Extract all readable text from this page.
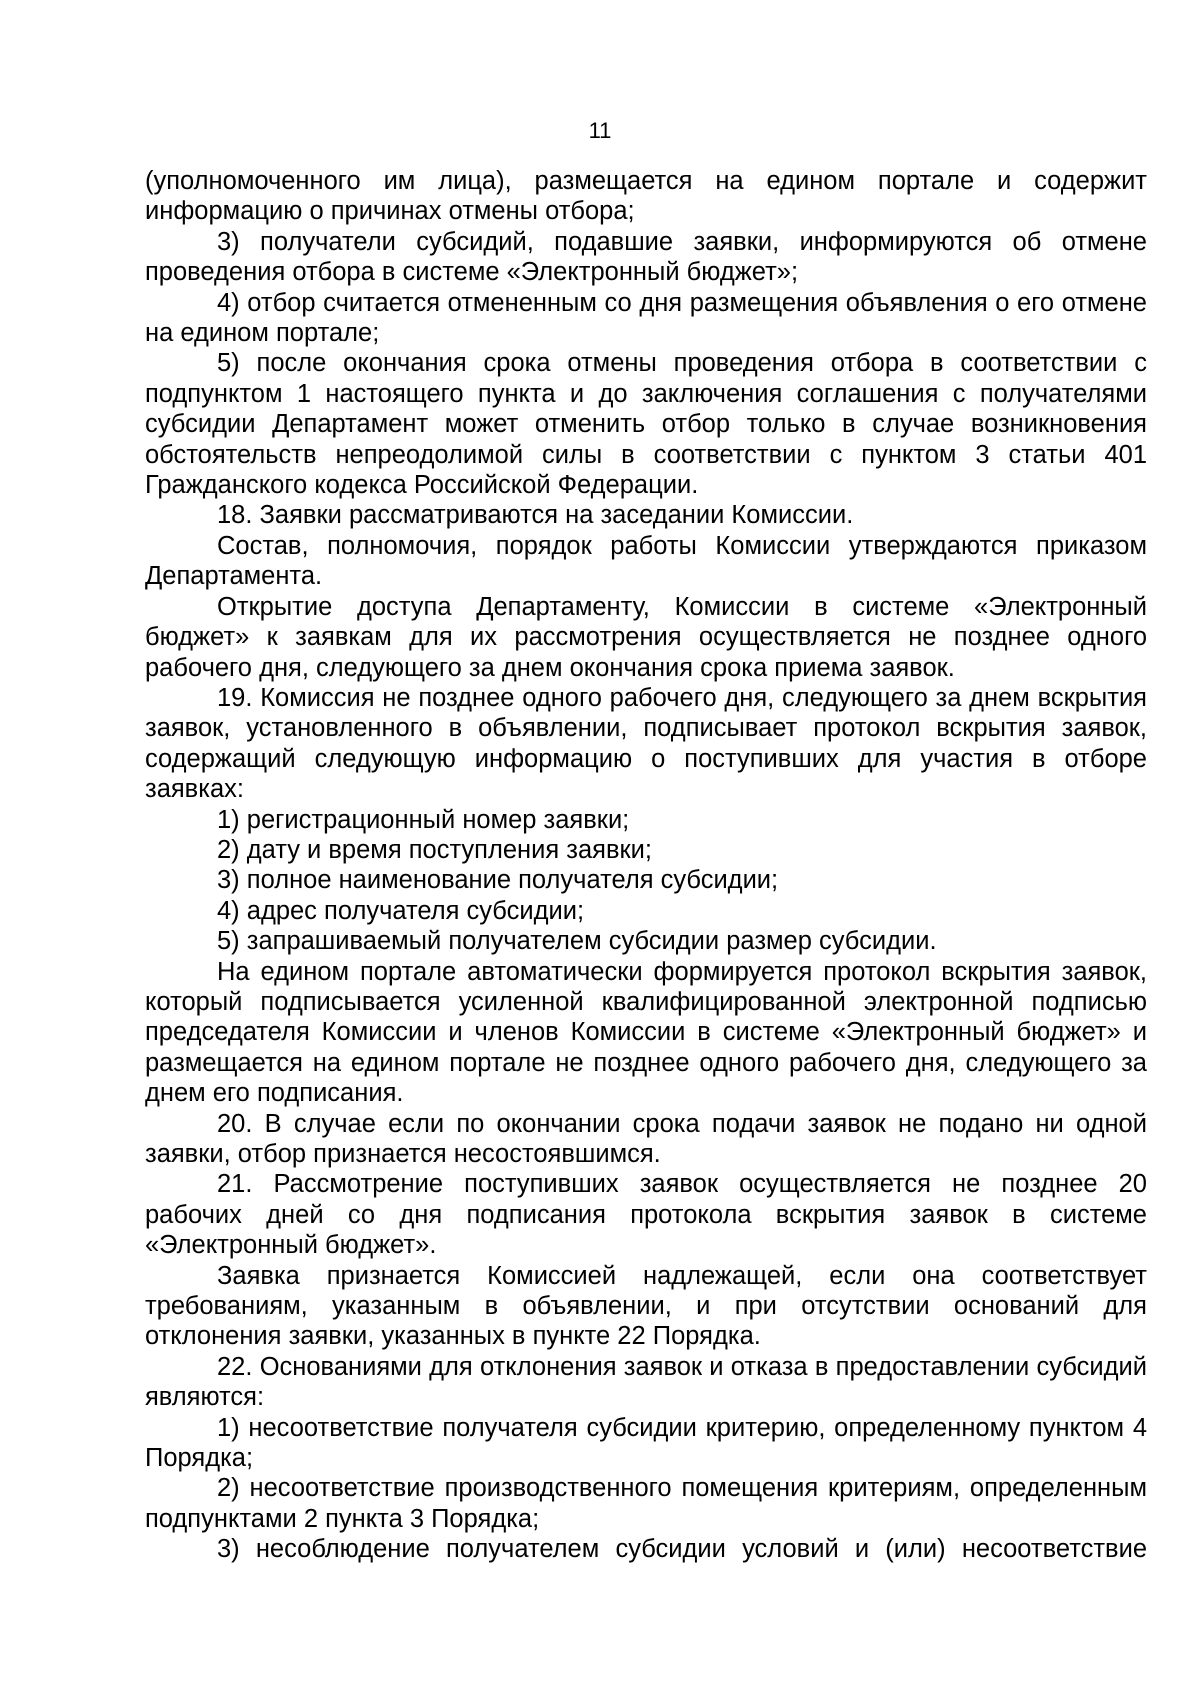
11

(уполномоченного им лица), размещается на едином портале и содержит информацию о причинах отмены отбора;

3) получатели субсидий, подавшие заявки, информируются об отмене проведения отбора в системе «Электронный бюджет»;

4) отбор считается отмененным со дня размещения объявления о его отмене на едином портале;

5) после окончания срока отмены проведения отбора в соответствии с подпунктом 1 настоящего пункта и до заключения соглашения с получателями субсидии Департамент может отменить отбор только в случае возникновения обстоятельств непреодолимой силы в соответствии с пунктом 3 статьи 401 Гражданского кодекса Российской Федерации.

18. Заявки рассматриваются на заседании Комиссии.

Состав, полномочия, порядок работы Комиссии утверждаются приказом Департамента.

Открытие доступа Департаменту, Комиссии в системе «Электронный бюджет» к заявкам для их рассмотрения осуществляется не позднее одного рабочего дня, следующего за днем окончания срока приема заявок.

19. Комиссия не позднее одного рабочего дня, следующего за днем вскрытия заявок, установленного в объявлении, подписывает протокол вскрытия заявок, содержащий следующую информацию о поступивших для участия в отборе заявках:

1) регистрационный номер заявки;

2) дату и время поступления заявки;

3) полное наименование получателя субсидии;

4) адрес получателя субсидии;

5) запрашиваемый получателем субсидии размер субсидии.

На едином портале автоматически формируется протокол вскрытия заявок, который подписывается усиленной квалифицированной электронной подписью председателя Комиссии и членов Комиссии в системе «Электронный бюджет» и размещается на едином портале не позднее одного рабочего дня, следующего за днем его подписания.

20. В случае если по окончании срока подачи заявок не подано ни одной заявки, отбор признается несостоявшимся.

21. Рассмотрение поступивших заявок осуществляется не позднее 20 рабочих дней со дня подписания протокола вскрытия заявок в системе «Электронный бюджет».

Заявка признается Комиссией надлежащей, если она соответствует требованиям, указанным в объявлении, и при отсутствии оснований для отклонения заявки, указанных в пункте 22 Порядка.

22. Основаниями для отклонения заявок и отказа в предоставлении субсидий являются:

1) несоответствие получателя субсидии критерию, определенному пунктом 4 Порядка;

2) несоответствие производственного помещения критериям, определенным подпунктами 2 пункта 3 Порядка;

3) несоблюдение получателем субсидии условий и (или) несоответствие
